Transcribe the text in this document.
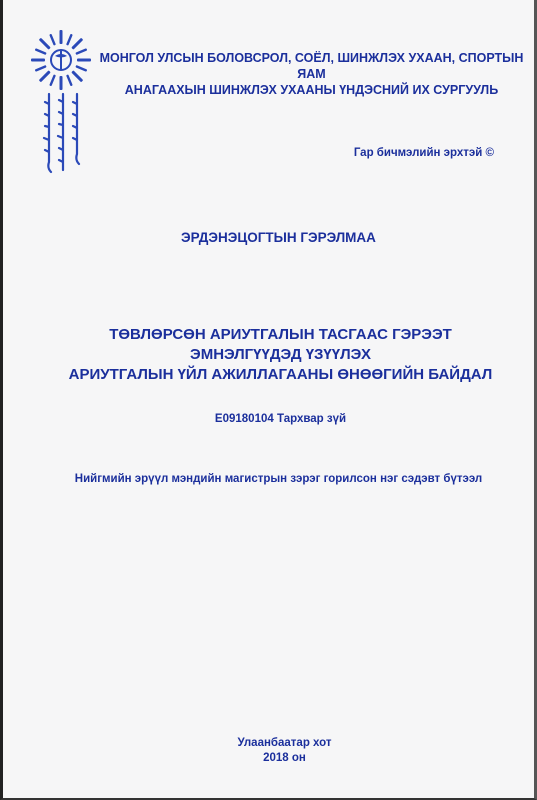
МОНГОЛ УЛСЫН БОЛОВСРОЛ, СОЁЛ, ШИНЖЛЭХ УХААН, СПОРТЫН ЯАМ
АНАГААХЫН ШИНЖЛЭХ УХААНЫ ҮНДЭСНИЙ ИХ СУРГУУЛЬ
Гар бичмэлийн эрхтэй ©
ЭРДЭНЭЦОГТЫН ГЭРЭЛМАА
ТӨВЛӨРСӨН АРИУТГАЛЫН ТАСГААС ГЭРЭЭТ ЭМНЭЛГҮҮДЭД ҮЗҮҮЛЭХ
АРИУТГАЛЫН ҮЙЛ АЖИЛЛАГААНЫ ӨНӨӨГИЙН БАЙДАЛ
E09180104 Тархвар зүй
Нийгмийн эрүүл мэндийн магистрын зэрэг горилсон нэг сэдэвт бүтээл
Улаанбаатар хот
2018 он
